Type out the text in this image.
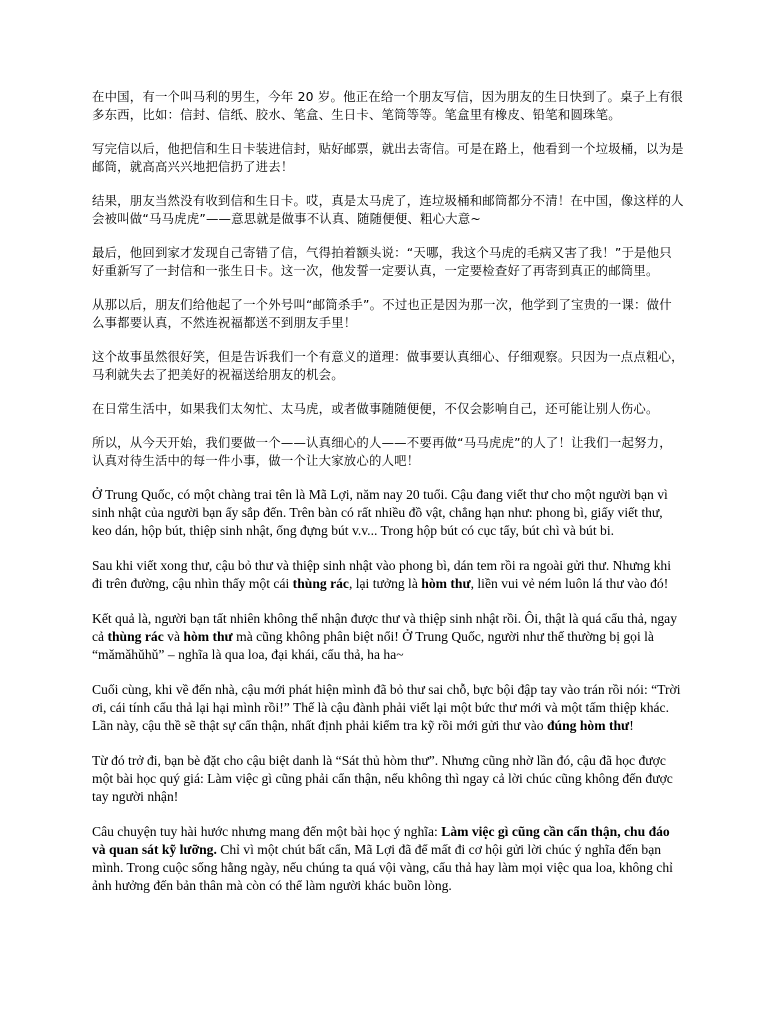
在中国，有一个叫马利的男生，今年 20 岁。他正在给一个朋友写信，因为朋友的生日快到了。桌子上有很多东西，比如：信封、信纸、胶水、笔盒、生日卡、笔筒等等。笔盒里有橡皮、铅笔和圆珠笔。

写完信以后，他把信和生日卡装进信封，贴好邮票，就出去寄信。可是在路上，他看到一个垃圾桶，以为是邮筒，就高高兴兴地把信扔了进去！

结果，朋友当然没有收到信和生日卡。哎，真是太马虎了，连垃圾桶和邮筒都分不清！在中国，像这样的人会被叫做“马马虎虎”——意思就是做事不认真、随随便便、粗心大意~

最后，他回到家才发现自己寄错了信，气得拍着额头说：“天哪，我这个马虎的毛病又害了我！”于是他只好重新写了一封信和一张生日卡。这一次，他发誓一定要认真，一定要检查好了再寄到真正的邮筒里。

从那以后，朋友们给他起了一个外号叫“邮筒杀手”。不过也正是因为那一次，他学到了宝贵的一课：做什么事都要认真，不然连祝福都送不到朋友手里！

这个故事虽然很好笑，但是告诉我们一个有意义的道理：做事要认真细心、仔细观察。只因为一点点粗心，马利就失去了把美好的祝福送给朋友的机会。

在日常生活中，如果我们太匆忙、太马虎，或者做事随随便便，不仅会影响自己，还可能让别人伤心。

所以，从今天开始，我们要做一个——认真细心的人——不要再做“马马虎虎”的人了！让我们一起努力，认真对待生活中的每一件小事，做一个让大家放心的人吧！

Ở Trung Quốc, có một chàng trai tên là Mã Lợi, năm nay 20 tuổi. Cậu đang viết thư cho một người bạn vì sinh nhật của người bạn ấy sắp đến. Trên bàn có rất nhiều đồ vật, chẳng hạn như: phong bì, giấy viết thư, keo dán, hộp bút, thiệp sinh nhật, ống đựng bút v.v... Trong hộp bút có cục tẩy, bút chì và bút bi.

Sau khi viết xong thư, cậu bỏ thư và thiệp sinh nhật vào phong bì, dán tem rồi ra ngoài gửi thư. Nhưng khi đi trên đường, cậu nhìn thấy một cái thùng rác, lại tưởng là hòm thư, liền vui vẻ ném luôn lá thư vào đó!

Kết quả là, người bạn tất nhiên không thể nhận được thư và thiệp sinh nhật rồi. Ôi, thật là quá cẩu thả, ngay cả thùng rác và hòm thư mà cũng không phân biệt nổi! Ở Trung Quốc, người như thế thường bị gọi là “mǎmǎhǔhǔ” – nghĩa là qua loa, đại khái, cẩu thả, ha ha~

Cuối cùng, khi về đến nhà, cậu mới phát hiện mình đã bỏ thư sai chỗ, bực bội đập tay vào trán rồi nói: “Trời ơi, cái tính cẩu thả lại hại mình rồi!” Thế là cậu đành phải viết lại một bức thư mới và một tấm thiệp khác. Lần này, cậu thề sẽ thật sự cẩn thận, nhất định phải kiểm tra kỹ rồi mới gửi thư vào đúng hòm thư!

Từ đó trở đi, bạn bè đặt cho cậu biệt danh là “Sát thủ hòm thư”. Nhưng cũng nhờ lần đó, cậu đã học được một bài học quý giá: Làm việc gì cũng phải cẩn thận, nếu không thì ngay cả lời chúc cũng không đến được tay người nhận!

Câu chuyện tuy hài hước nhưng mang đến một bài học ý nghĩa: Làm việc gì cũng cần cẩn thận, chu đáo và quan sát kỹ lưỡng. Chỉ vì một chút bất cẩn, Mã Lợi đã để mất đi cơ hội gửi lời chúc ý nghĩa đến bạn mình. Trong cuộc sống hằng ngày, nếu chúng ta quá vội vàng, cẩu thả hay làm mọi việc qua loa, không chỉ ảnh hưởng đến bản thân mà còn có thể làm người khác buồn lòng.
